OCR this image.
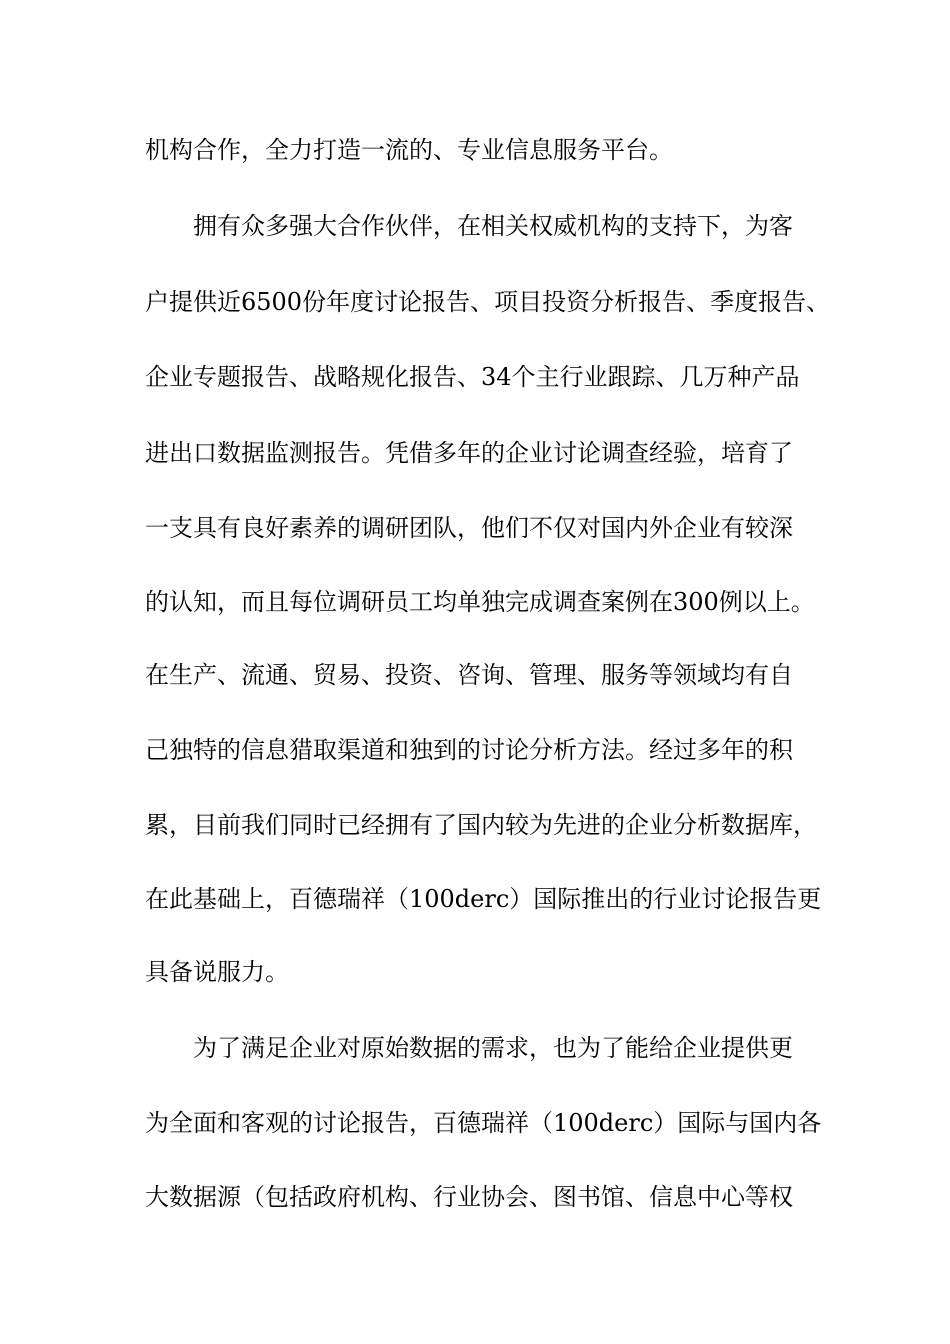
机构合作，全力打造一流的、专业信息服务平台。
拥有众多强大合作伙伴，在相关权威机构的支持下，为客
户提供近6500份年度讨论报告、项目投资分析报告、季度报告、
企业专题报告、战略规化报告、34个主行业跟踪、几万种产品
进出口数据监测报告。凭借多年的企业讨论调查经验，培育了
一支具有良好素养的调研团队，他们不仅对国内外企业有较深
的认知，而且每位调研员工均单独完成调查案例在300例以上。
在生产、流通、贸易、投资、咨询、管理、服务等领域均有自
己独特的信息猎取渠道和独到的讨论分析方法。经过多年的积
累，目前我们同时已经拥有了国内较为先进的企业分析数据库，
在此基础上，百德瑞祥（100derc）国际推出的行业讨论报告更
具备说服力。
为了满足企业对原始数据的需求，也为了能给企业提供更
为全面和客观的讨论报告，百德瑞祥（100derc）国际与国内各
大数据源（包括政府机构、行业协会、图书馆、信息中心等权
